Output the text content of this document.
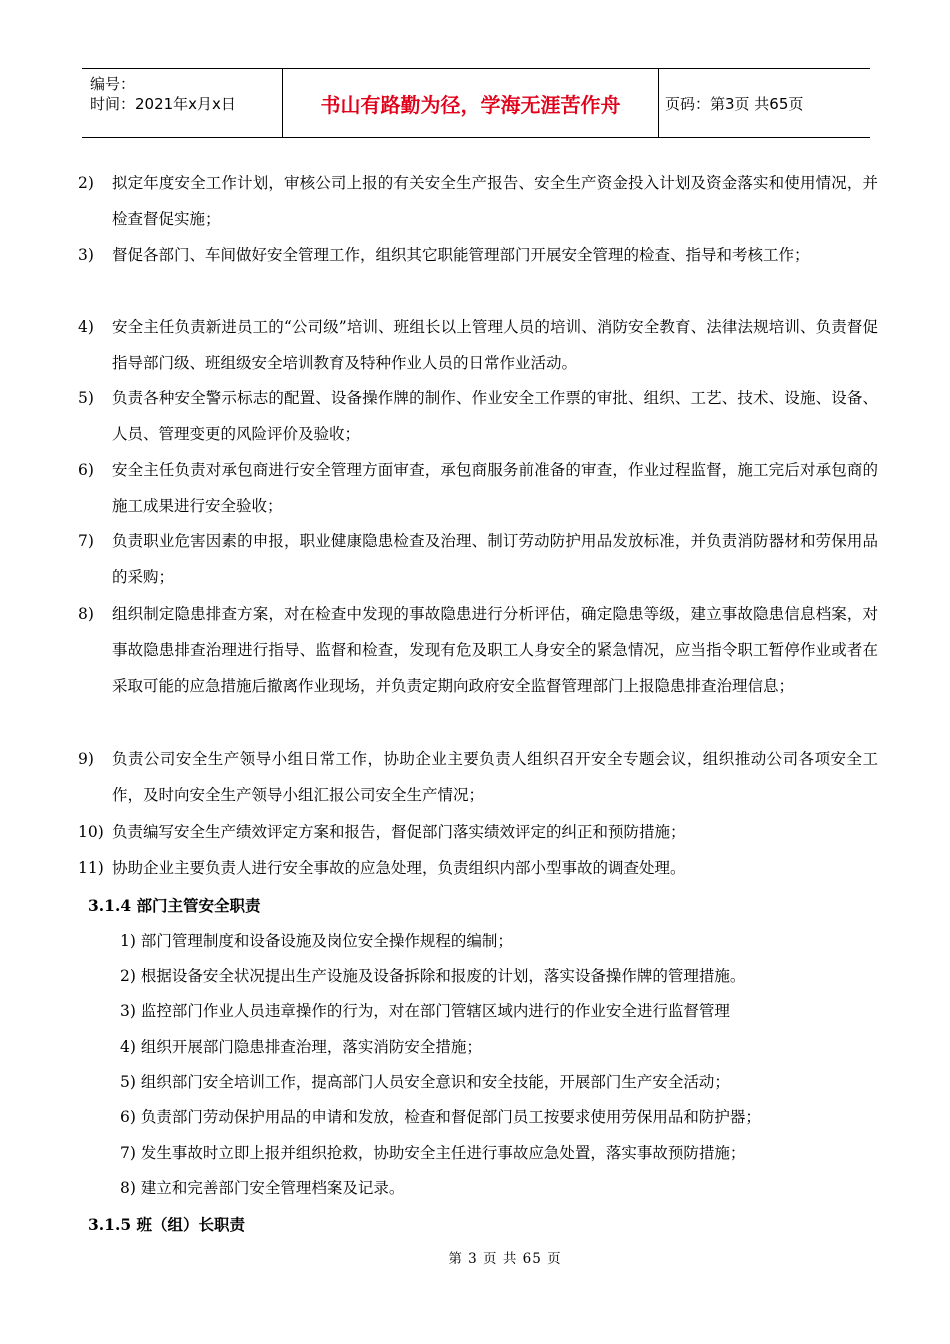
编号：
时间：2021年x月x日	书山有路勤为径，学海无涯苦作舟	页码：第3页 共65页
2)	拟定年度安全工作计划，审核公司上报的有关安全生产报告、安全生产资金投入计划及资金落实和使用情况，并检查督促实施；
3)	督促各部门、车间做好安全管理工作，组织其它职能管理部门开展安全管理的检查、指导和考核工作；
4)	安全主任负责新进员工的“公司级”培训、班组长以上管理人员的培训、消防安全教育、法律法规培训、负责督促指导部门级、班组级安全培训教育及特种作业人员的日常作业活动。
5)	负责各种安全警示标志的配置、设备操作牌的制作、作业安全工作票的审批、组织、工艺、技术、设施、设备、人员、管理变更的风险评价及验收；
6)	安全主任负责对承包商进行安全管理方面审查，承包商服务前准备的审查，作业过程监督，施工完后对承包商的施工成果进行安全验收；
7)	负责职业危害因素的申报，职业健康隐患检查及治理、制订劳动防护用品发放标准，并负责消防器材和劳保用品的采购；
8)	组织制定隐患排查方案，对在检查中发现的事故隐患进行分析评估，确定隐患等级，建立事故隐患信息档案，对事故隐患排查治理进行指导、监督和检查，发现有危及职工人身安全的紧急情况，应当指令职工暂停作业或者在采取可能的应急措施后撤离作业现场，并负责定期向政府安全监督管理部门上报隐患排查治理信息；
9)	负责公司安全生产领导小组日常工作，协助企业主要负责人组织召开安全专题会议，组织推动公司各项安全工作，及时向安全生产领导小组汇报公司安全生产情况；
10) 负责编写安全生产绩效评定方案和报告，督促部门落实绩效评定的纠正和预防措施；
11) 协助企业主要负责人进行安全事故的应急处理，负责组织内部小型事故的调查处理。
3.1.4 部门主管安全职责
1) 部门管理制度和设备设施及岗位安全操作规程的编制；
2) 根据设备安全状况提出生产设施及设备拆除和报废的计划，落实设备操作牌的管理措施。
3) 监控部门作业人员违章操作的行为，对在部门管辖区域内进行的作业安全进行监督管理
4) 组织开展部门隐患排查治理，落实消防安全措施；
5) 组织部门安全培训工作，提高部门人员安全意识和安全技能，开展部门生产安全活动；
6) 负责部门劳动保护用品的申请和发放，检查和督促部门员工按要求使用劳保用品和防护器；
7) 发生事故时立即上报并组织抢救，协助安全主任进行事故应急处置，落实事故预防措施；
8) 建立和完善部门安全管理档案及记录。
3.1.5 班（组）长职责
第 3 页 共 65 页
